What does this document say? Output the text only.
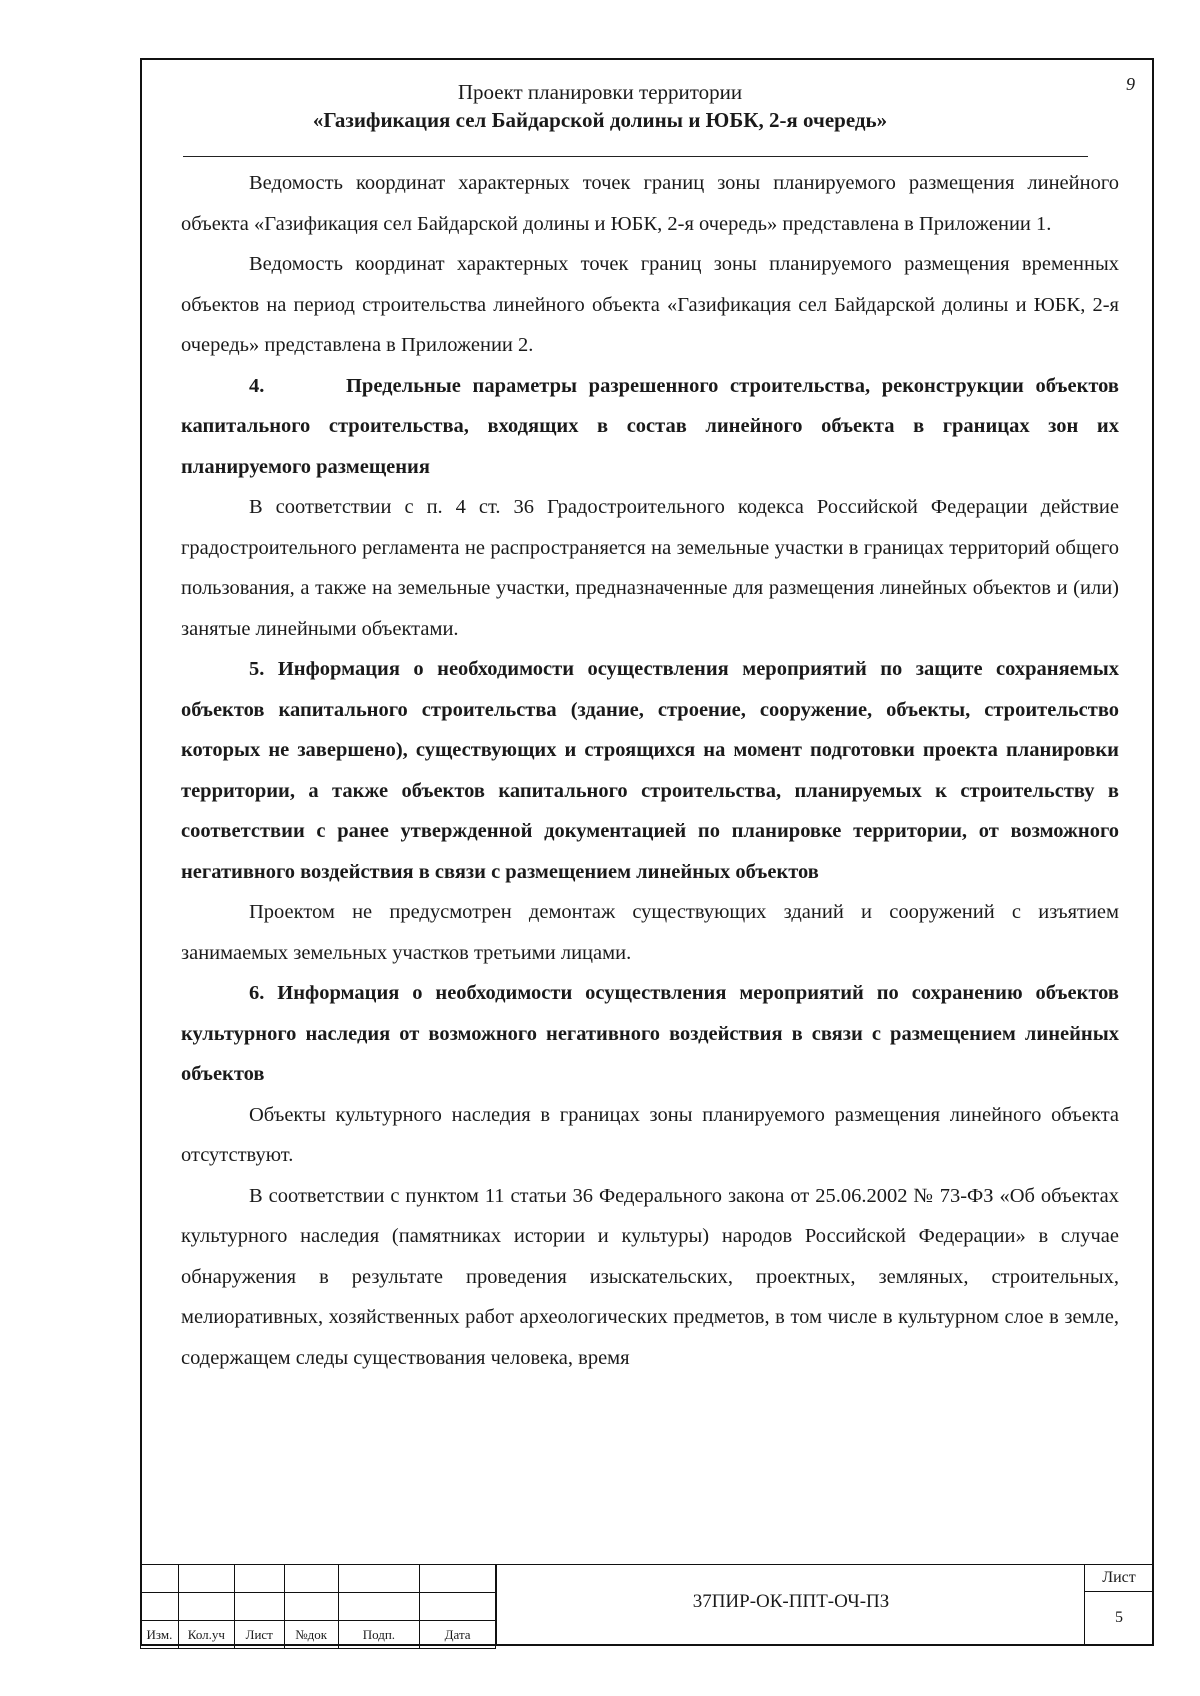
Проект планировки территории
«Газификация сел Байдарской долины и ЮБК, 2-я очередь»
9

Ведомость координат характерных точек границ зоны планируемого размещения линейного объекта «Газификация сел Байдарской долины и ЮБК, 2-я очередь» представлена в Приложении 1.

Ведомость координат характерных точек границ зоны планируемого размещения временных объектов на период строительства линейного объекта «Газификация сел Байдарской долины и ЮБК, 2-я очередь» представлена в Приложении 2.

4.       Предельные параметры разрешенного строительства, реконструкции объектов капитального строительства, входящих в состав линейного объекта в границах зон их планируемого размещения

В соответствии с п. 4 ст. 36 Градостроительного кодекса Российской Федерации действие градостроительного регламента не распространяется на земельные участки в границах территорий общего пользования, а также на земельные участки, предназначенные для размещения линейных объектов и (или) занятые линейными объектами.

5. Информация о необходимости осуществления мероприятий по защите сохраняемых объектов капитального строительства (здание, строение, сооружение, объекты, строительство которых не завершено), существующих и строящихся на момент подготовки проекта планировки территории, а также объектов капитального строительства, планируемых к строительству в соответствии с ранее утвержденной документацией по планировке территории, от возможного негативного воздействия в связи с размещением линейных объектов

Проектом не предусмотрен демонтаж существующих зданий и сооружений с изъятием занимаемых земельных участков третьими лицами.

6. Информация о необходимости осуществления мероприятий по сохранению объектов культурного наследия от возможного негативного воздействия в связи с размещением линейных объектов

Объекты культурного наследия в границах зоны планируемого размещения линейного объекта отсутствуют.

В соответствии с пунктом 11 статьи 36 Федерального закона от 25.06.2002 № 73-ФЗ «Об объектах культурного наследия (памятниках истории и культуры) народов Российской Федерации» в случае обнаружения в результате проведения изыскательских, проектных, земляных, строительных, мелиоративных, хозяйственных работ археологических предметов, в том числе в культурном слое в земле, содержащем следы существования человека, время

Изм.	Кол.уч	Лист	№док	Подп.	Дата
37ПИР-ОК-ППТ-ОЧ-ПЗ
Лист
5
